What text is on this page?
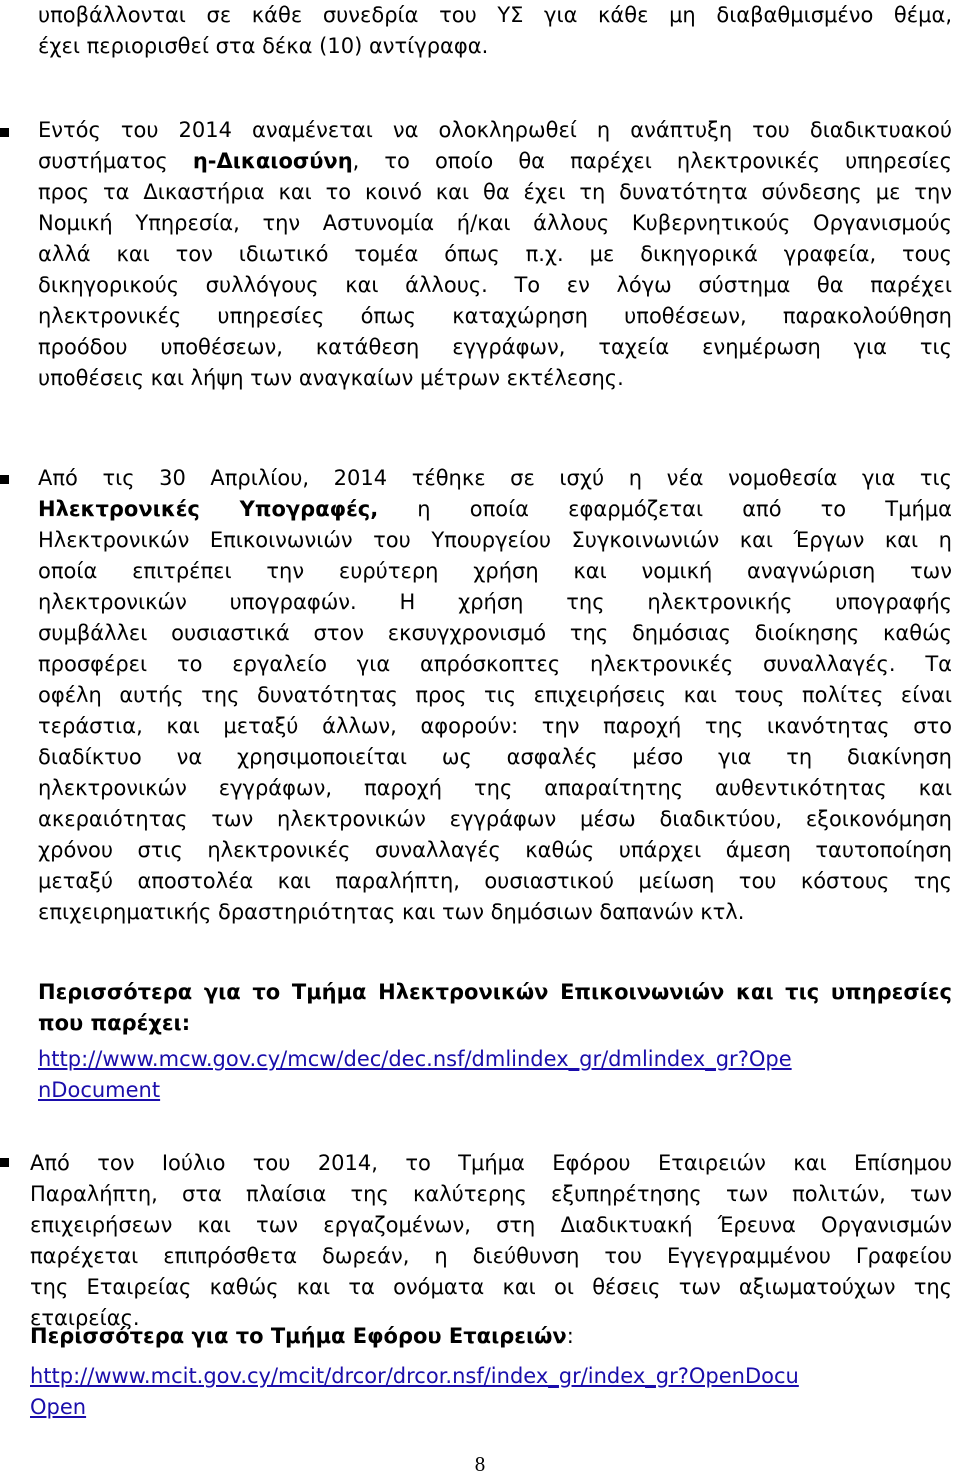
υποβάλλονται σε κάθε συνεδρία του ΥΣ για κάθε μη διαβαθμισμένο θέμα,
έχει περιορισθεί στα δέκα (10) αντίγραφα.
Εντός του 2014 αναμένεται να ολοκληρωθεί η ανάπτυξη του διαδικτυακού
συστήματος η-Δικαιοσύνη, το οποίο θα παρέχει ηλεκτρονικές υπηρεσίες
προς τα Δικαστήρια και το κοινό και θα έχει τη δυνατότητα σύνδεσης με την
Νομική Υπηρεσία, την Αστυνομία ή/και άλλους Κυβερνητικούς Οργανισμούς
αλλά και τον ιδιωτικό τομέα όπως π.χ. με δικηγορικά γραφεία, τους
δικηγορικούς συλλόγους και άλλους. Το εν λόγω σύστημα θα παρέχει
ηλεκτρονικές υπηρεσίες όπως καταχώρηση υποθέσεων, παρακολούθηση
προόδου υποθέσεων, κατάθεση εγγράφων, ταχεία ενημέρωση για τις
υποθέσεις και λήψη των αναγκαίων μέτρων εκτέλεσης.
Από τις 30 Απριλίου, 2014 τέθηκε σε ισχύ η νέα νομοθεσία για τις
Ηλεκτρονικές Υπογραφές, η οποία εφαρμόζεται από το Τμήμα
Ηλεκτρονικών Επικοινωνιών του Υπουργείου Συγκοινωνιών και Έργων και η
οποία επιτρέπει την ευρύτερη χρήση και νομική αναγνώριση των
ηλεκτρονικών υπογραφών. Η χρήση της ηλεκτρονικής υπογραφής
συμβάλλει ουσιαστικά στον εκσυγχρονισμό της δημόσιας διοίκησης καθώς
προσφέρει το εργαλείο για απρόσκοπτες ηλεκτρονικές συναλλαγές. Τα
οφέλη αυτής της δυνατότητας προς τις επιχειρήσεις και τους πολίτες είναι
τεράστια, και μεταξύ άλλων, αφορούν: την παροχή της ικανότητας στο
διαδίκτυο να χρησιμοποιείται ως ασφαλές μέσο για τη διακίνηση
ηλεκτρονικών εγγράφων, παροχή της απαραίτητης αυθεντικότητας και
ακεραιότητας των ηλεκτρονικών εγγράφων μέσω διαδικτύου, εξοικονόμηση
χρόνου στις ηλεκτρονικές συναλλαγές καθώς υπάρχει άμεση ταυτοποίηση
μεταξύ αποστολέα και παραλήπτη, ουσιαστικού μείωση του κόστους της
επιχειρηματικής δραστηριότητας και των δημόσιων δαπανών κτλ.
Περισσότερα για το Τμήμα Ηλεκτρονικών Επικοινωνιών και τις υπηρεσίες
που παρέχει:
http://www.mcw.gov.cy/mcw/dec/dec.nsf/dmlindex_gr/dmlindex_gr?Ope
nDocument
Από τον Ιούλιο του 2014, το Τμήμα Εφόρου Εταιρειών και Επίσημου
Παραλήπτη, στα πλαίσια της καλύτερης εξυπηρέτησης των πολιτών, των
επιχειρήσεων και των εργαζομένων, στη Διαδικτυακή Έρευνα Οργανισμών
παρέχεται επιπρόσθετα δωρεάν, η διεύθυνση του Εγγεγραμμένου Γραφείου
της Εταιρείας καθώς και τα ονόματα και οι θέσεις των αξιωματούχων της
εταιρείας.
Περισσότερα για το Τμήμα Εφόρου Εταιρειών:
http://www.mcit.gov.cy/mcit/drcor/drcor.nsf/index_gr/index_gr?OpenDocu
Open
8
